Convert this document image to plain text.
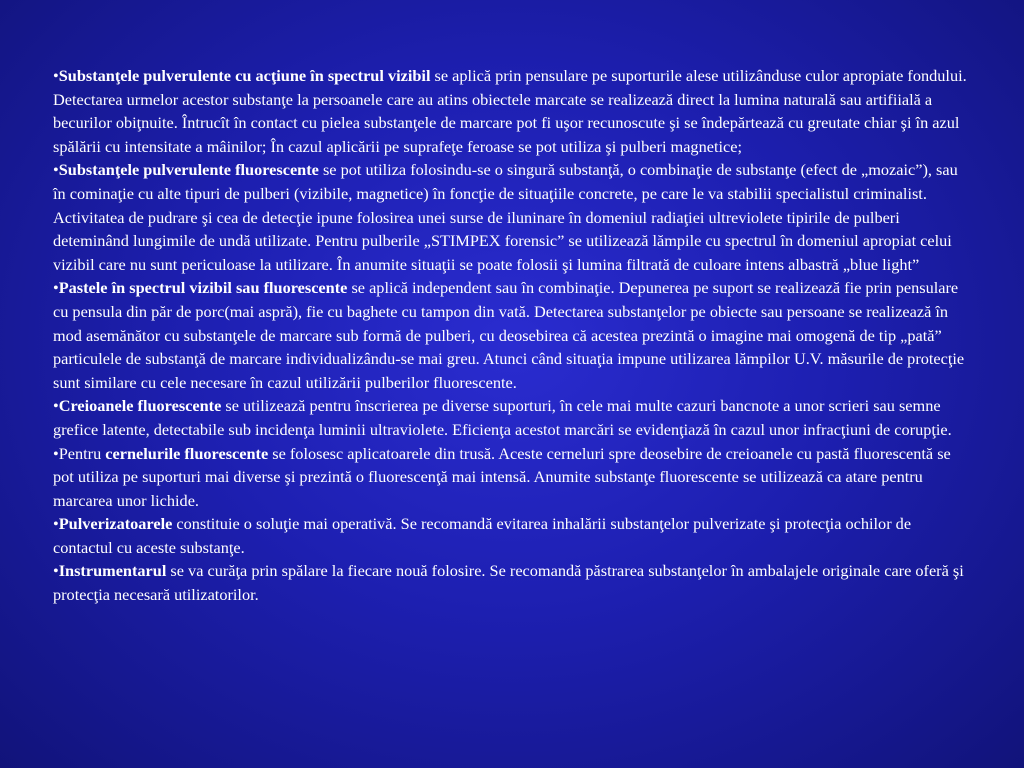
•Substanţele pulverulente cu acţiune în spectrul vizibil se aplică prin pensulare pe suporturile alese utilizânduse culor apropiate fondului. Detectarea urmelor acestor substanţe la persoanele care au atins obiectele marcate se realizează direct la lumina naturală sau artifiială a becurilor obiţnuite. Întrucît în contact cu pielea substanţele de marcare pot fi uşor recunoscute şi se îndepărtează cu greutate chiar şi în azul spălării cu intensitate a mâinilor; În cazul aplicării pe suprafeţe feroase se pot utiliza şi pulberi magnetice;

•Substanţele pulverulente fluorescente se pot utiliza folosindu-se o singură substanţă, o combinaţie de substanţe (efect de „mozaic”), sau în cominaţie cu alte tipuri de pulberi (vizibile, magnetice) în foncţie de situaţiile concrete, pe care le va stabilii specialistul criminalist. Activitatea de pudrare şi cea de detecţie ipune folosirea unei surse de iluninare în domeniul radiaţiei ultreviolete tipirile de pulberi deteminând lungimile de undă utilizate. Pentru pulberile „STIMPEX forensic” se utilizează lămpile cu spectrul în domeniul apropiat celui vizibil care nu sunt periculoase la utilizare. În anumite situaţii se poate folosii şi lumina filtrată de culoare intens albastră „blue light”

•Pastele în spectrul vizibil sau fluorescente se aplică independent sau în combinaţie. Depunerea pe suport se realizează fie prin pensulare cu pensula din păr de porc(mai aspră), fie cu baghete cu tampon din vată. Detectarea substanţelor pe obiecte sau persoane se realizează în mod asemănător cu substanţele de marcare sub formă de pulberi, cu deosebirea că acestea prezintă o imagine mai omogenă de tip „pată” particulele de substanţă de marcare individualizându-se mai greu. Atunci când situaţia impune utilizarea lămpilor U.V. măsurile de protecţie sunt similare cu cele necesare în cazul utilizării pulberilor fluorescente.

•Creioanele fluorescente se utilizează pentru înscrierea pe diverse suporturi, în cele mai multe cazuri bancnote a unor scrieri sau semne grefice latente, detectabile sub incidenţa luminii ultraviolete. Eficienţa acestot marcări se evidenţiază în cazul unor infracţiuni de corupţie.

•Pentru cernelurile fluorescente se folosesc aplicatoarele din trusă. Aceste cerneluri spre deosebire de creioanele cu pastă fluorescentă se pot utiliza pe suporturi mai diverse şi prezintă o fluorescenţă mai intensă. Anumite substanţe fluorescente se utilizează ca atare pentru marcarea unor lichide.

•Pulverizatoarele constituie o soluţie mai operativă. Se recomandă evitarea inhalării substanţelor pulverizate şi protecţia ochilor de contactul cu aceste substanţe.

•Instrumentarul se va curăţa prin spălare la fiecare nouă folosire. Se recomandă păstrarea substanţelor în ambalajele originale care oferă şi protecţia necesară utilizatorilor.
